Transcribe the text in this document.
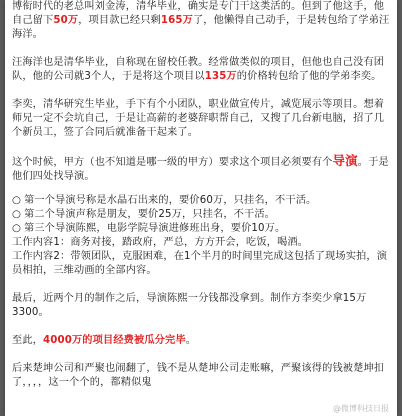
博衔时代的老总叫刘金涛，清华毕业，确实是专门干这类活的。但到了他这手，他自己留下50万，项目款已经只剩165万了，他懒得自己动手，于是转包给了学弟汪海洋。

汪海洋也是清华毕业，自称现在留校任教。经常做类似的项目，但他也自己没有团队，他的公司就3个人，于是将这个项目以135万的价格转包给了他的学弟李奕。

李奕，清华研究生毕业，手下有个小团队，职业做宣传片，减览展示等项目。想着师兄一定不会坑自己，于是让高薪的老婆辞职帮自己，又搜了几台新电脑，招了几个新员工，签了合同后就准备干起来了。

这个时候，甲方（也不知道是哪一级的甲方）要求这个项目必须要有个导演。于是他们四处找导演。

○ 第一个导演号称是水晶石出来的，要价60万，只挂名，不干活。
○ 第二个导演声称是朋友，要价25万，只挂名，不干活。
○ 第三个导演陈熙，电影学院导演进修班出身，要价10万。

工作内容1：商务对接，踏政府，严总，方方开会，吃饭，喝酒。

工作内容2：带领团队，克服困难，在1个半月的时间里完成这包括了现场实拍，演员相拍，三维动画的全部内容。

最后，近两个月的制作之后，导演陈熙一分钱都没拿到。制作方李奕少拿15万3300。

至此，4000万的项目经费被瓜分完毕。

后来楚坤公司和严聚也闹翻了，钱不是从楚坤公司走账嘛，严聚该得的钱被楚坤扣了，，，，这一个个的，都精似鬼

@微博科技日报
